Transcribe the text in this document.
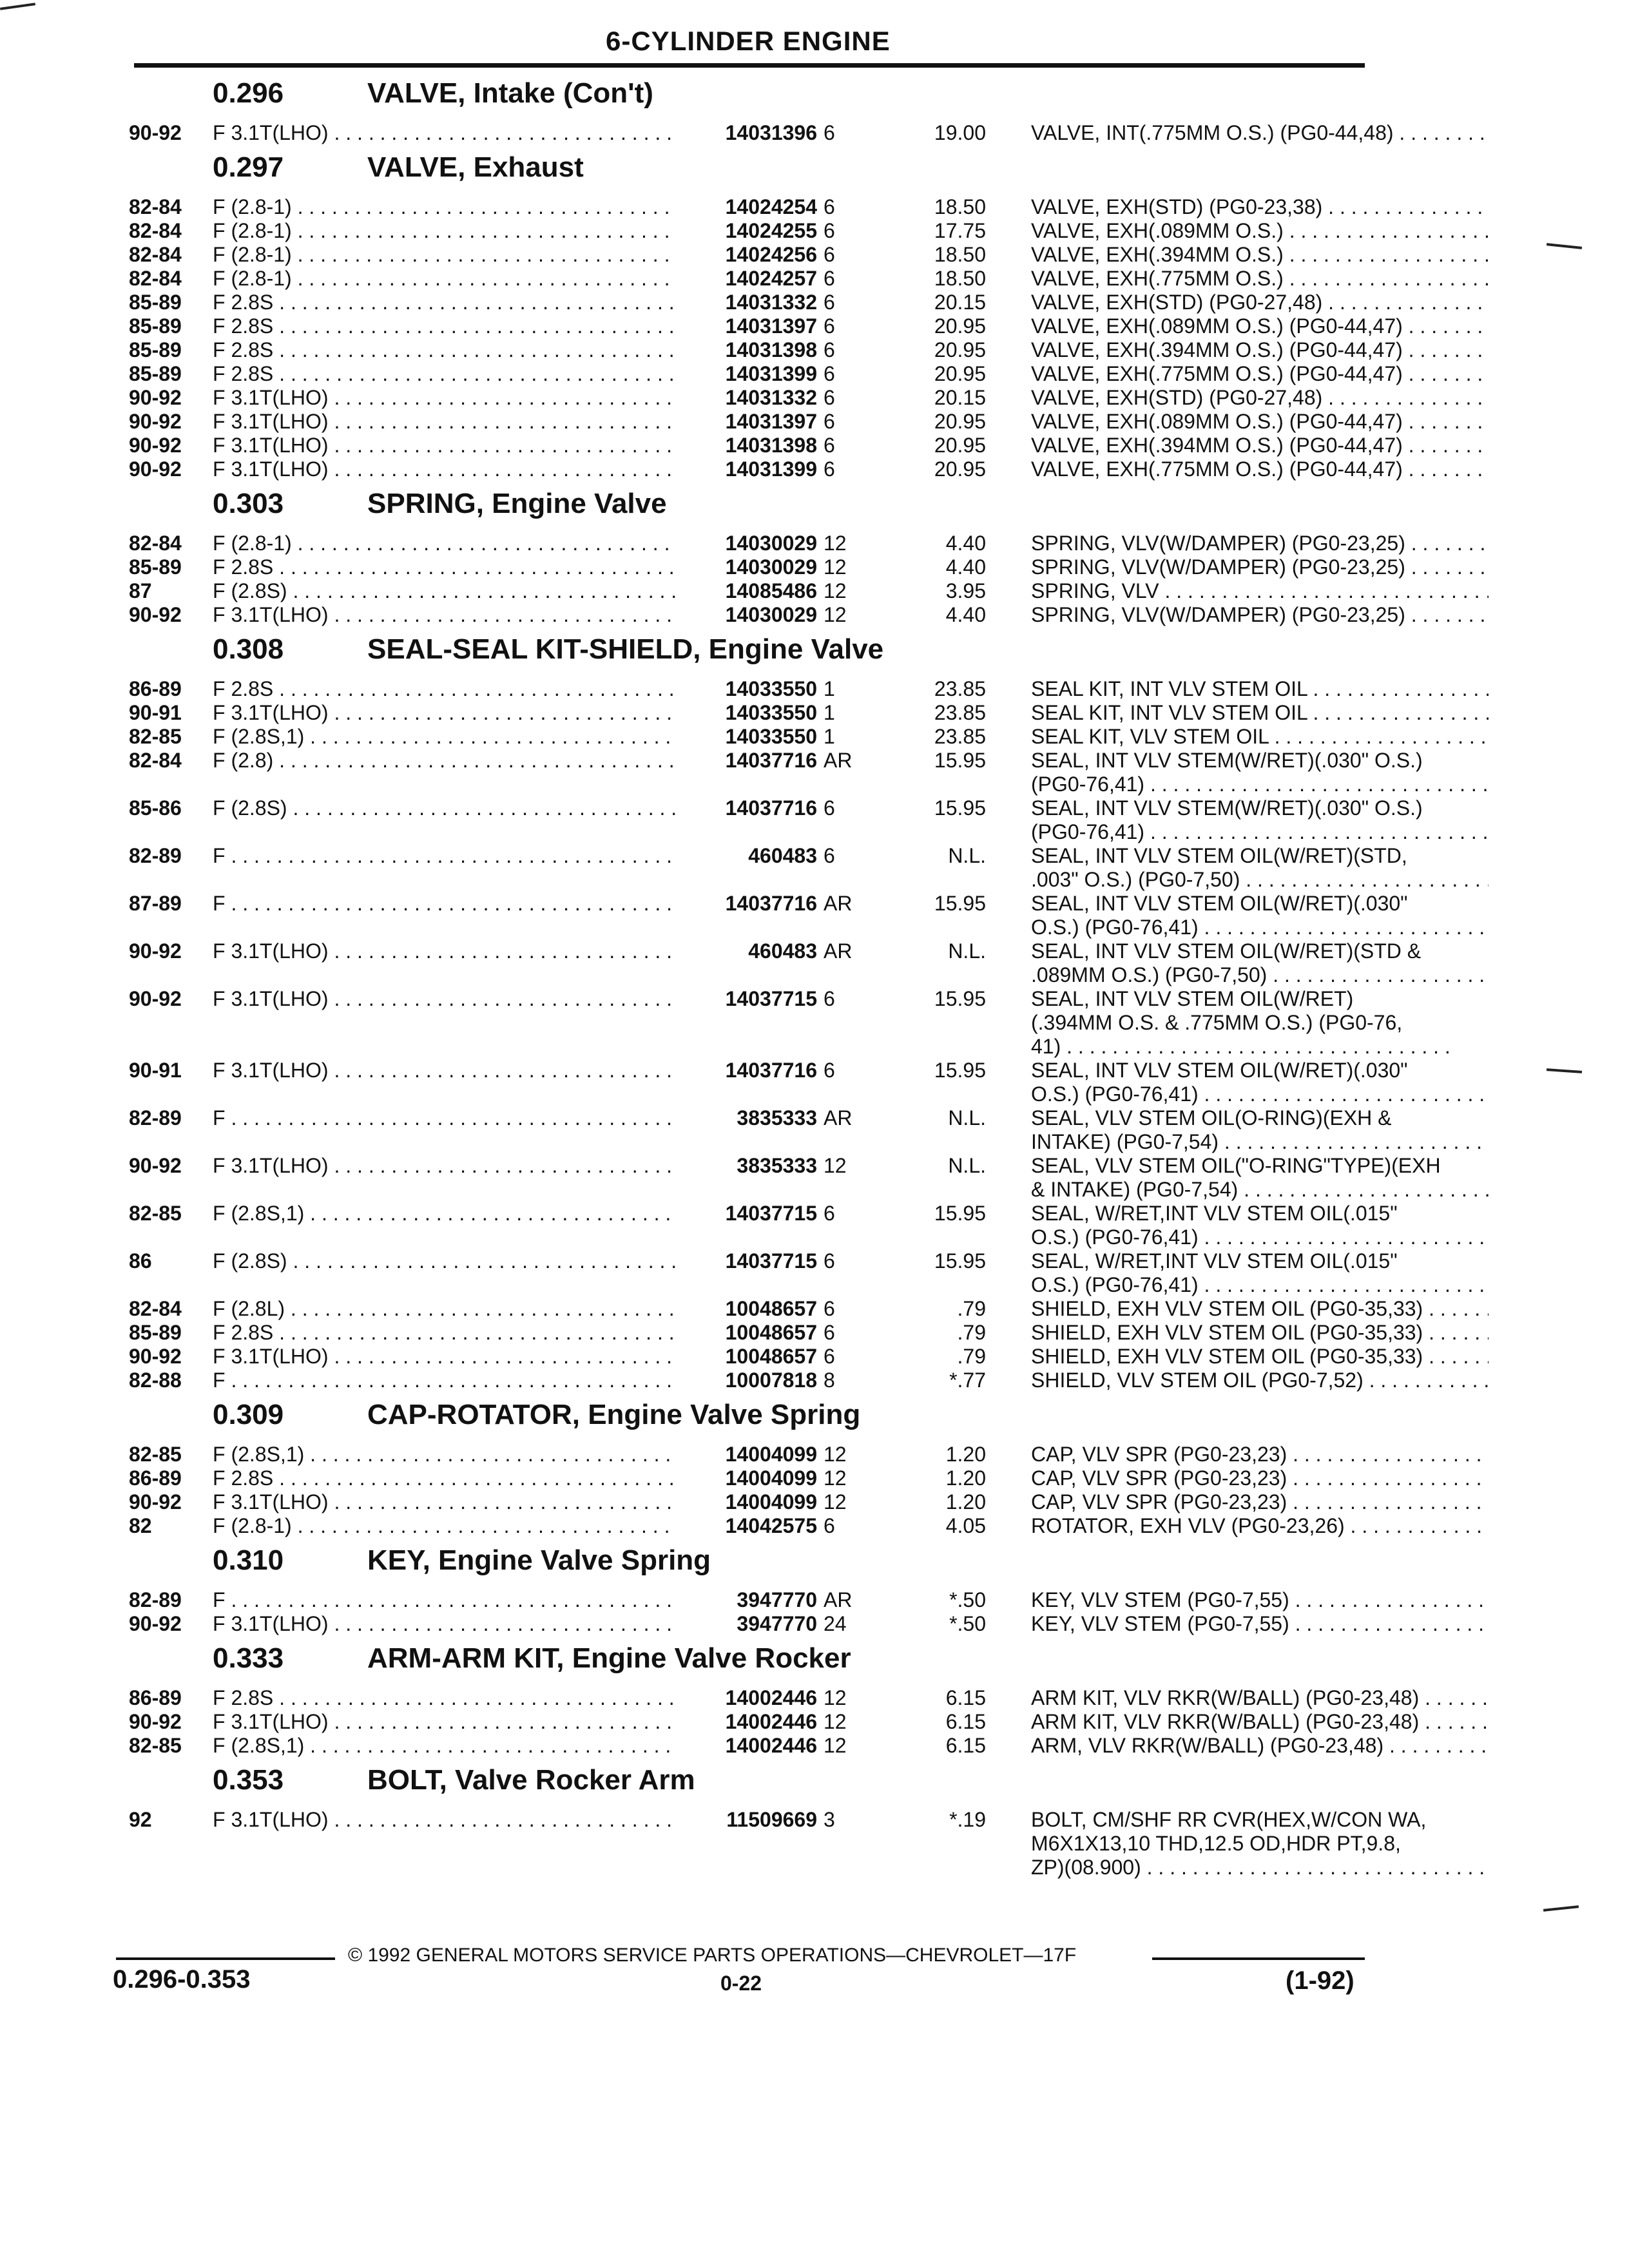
6-CYLINDER ENGINE
0.296	VALVE, Intake (Con't)
90-92 F 3.1T(LHO) . . .	14031396 6	19.00 VALVE, INT(.775MM O.S.) (PG0-44,48) . . .
0.297	VALVE, Exhaust
82-84 F (2.8-1) . . .	14024254 6	18.50 VALVE, EXH(STD) (PG0-23,38) . . .
82-84 F (2.8-1) . . .	14024255 6	17.75 VALVE, EXH(.089MM O.S.) . . .
82-84 F (2.8-1) . . .	14024256 6	18.50 VALVE, EXH(.394MM O.S.) . . .
82-84 F (2.8-1) . . .	14024257 6	18.50 VALVE, EXH(.775MM O.S.) . . .
85-89 F 2.8S . . .	14031332 6	20.15 VALVE, EXH(STD) (PG0-27,48) . . .
85-89 F 2.8S . . .	14031397 6	20.95 VALVE, EXH(.089MM O.S.) (PG0-44,47) . . .
85-89 F 2.8S . . .	14031398 6	20.95 VALVE, EXH(.394MM O.S.) (PG0-44,47) . . .
85-89 F 2.8S . . .	14031399 6	20.95 VALVE, EXH(.775MM O.S.) (PG0-44,47) . . .
90-92 F 3.1T(LHO) . . .	14031332 6	20.15 VALVE, EXH(STD) (PG0-27,48) . . .
90-92 F 3.1T(LHO) . . .	14031397 6	20.95 VALVE, EXH(.089MM O.S.) (PG0-44,47) . . .
90-92 F 3.1T(LHO) . . .	14031398 6	20.95 VALVE, EXH(.394MM O.S.) (PG0-44,47) . . .
90-92 F 3.1T(LHO) . . .	14031399 6	20.95 VALVE, EXH(.775MM O.S.) (PG0-44,47) . . .
0.303	SPRING, Engine Valve
82-84 F (2.8-1) . . .	14030029 12	4.40 SPRING, VLV(W/DAMPER) (PG0-23,25) . . .
85-89 F 2.8S . . .	14030029 12	4.40 SPRING, VLV(W/DAMPER) (PG0-23,25) . . .
87	F (2.8S) . . .	14085486 12	3.95 SPRING, VLV . . .
90-92 F 3.1T(LHO) . . .	14030029 12	4.40 SPRING, VLV(W/DAMPER) (PG0-23,25) . . .
0.308	SEAL-SEAL KIT-SHIELD, Engine Valve
86-89 F 2.8S . . .	14033550 1	23.85 SEAL KIT, INT VLV STEM OIL . . .
90-91 F 3.1T(LHO) . . .	14033550 1	23.85 SEAL KIT, INT VLV STEM OIL . . .
82-85 F (2.8S,1) . . .	14033550 1	23.85 SEAL KIT, VLV STEM OIL . . .
82-84 F (2.8) . . .	14037716 AR	15.95 SEAL, INT VLV STEM(W/RET)(.030" O.S.)
(PG0-76,41) . . .
85-86 F (2.8S) . . .	14037716 6	15.95 SEAL, INT VLV STEM(W/RET)(.030" O.S.)
(PG0-76,41) . . .
82-89 F . . .	460483 6	N.L. SEAL, INT VLV STEM OIL(W/RET)(STD,
.003" O.S.) (PG0-7,50) . . .
87-89 F . . .	14037716 AR	15.95 SEAL, INT VLV STEM OIL(W/RET)(.030"
O.S.) (PG0-76,41) . . .
90-92 F 3.1T(LHO) . . .	460483 AR	N.L. SEAL, INT VLV STEM OIL(W/RET)(STD &
.089MM O.S.) (PG0-7,50) . . .
90-92 F 3.1T(LHO) . . .	14037715 6	15.95 SEAL, INT VLV STEM OIL(W/RET)
(.394MM O.S. & .775MM O.S.) (PG0-76,
41) . . .
90-91 F 3.1T(LHO) . . .	14037716 6	15.95 SEAL, INT VLV STEM OIL(W/RET)(.030"
O.S.) (PG0-76,41) . . .
82-89 F . . .	3835333 AR	N.L. SEAL, VLV STEM OIL(O-RING)(EXH &
INTAKE) (PG0-7,54) . . .
90-92 F 3.1T(LHO) . . .	3835333 12	N.L. SEAL, VLV STEM OIL("O-RING"TYPE)(EXH
& INTAKE) (PG0-7,54) . . .
82-85 F (2.8S,1) . . .	14037715 6	15.95 SEAL, W/RET,INT VLV STEM OIL(.015"
O.S.) (PG0-76,41) . . .
86	F (2.8S) . . .	14037715 6	15.95 SEAL, W/RET,INT VLV STEM OIL(.015"
O.S.) (PG0-76,41) . . .
82-84 F (2.8L) . . .	10048657 6	.79 SHIELD, EXH VLV STEM OIL (PG0-35,33) . . .
85-89 F 2.8S . . .	10048657 6	.79 SHIELD, EXH VLV STEM OIL (PG0-35,33) . . .
90-92 F 3.1T(LHO) . . .	10048657 6	.79 SHIELD, EXH VLV STEM OIL (PG0-35,33) . . .
82-88 F . . .	10007818 8	*.77 SHIELD, VLV STEM OIL (PG0-7,52) . . .
0.309	CAP-ROTATOR, Engine Valve Spring
82-85 F (2.8S,1) . . .	14004099 12	1.20 CAP, VLV SPR (PG0-23,23) . . .
86-89 F 2.8S . . .	14004099 12	1.20 CAP, VLV SPR (PG0-23,23) . . .
90-92 F 3.1T(LHO) . . .	14004099 12	1.20 CAP, VLV SPR (PG0-23,23) . . .
82	F (2.8-1) . . .	14042575 6	4.05 ROTATOR, EXH VLV (PG0-23,26) . . .
0.310	KEY, Engine Valve Spring
82-89 F . . .	3947770 AR	*.50 KEY, VLV STEM (PG0-7,55) . . .
90-92 F 3.1T(LHO) . . .	3947770 24	*.50 KEY, VLV STEM (PG0-7,55) . . .
0.333	ARM-ARM KIT, Engine Valve Rocker
86-89 F 2.8S . . .	14002446 12	6.15 ARM KIT, VLV RKR(W/BALL) (PG0-23,48) . . .
90-92 F 3.1T(LHO) . . .	14002446 12	6.15 ARM KIT, VLV RKR(W/BALL) (PG0-23,48) . . .
82-85 F (2.8S,1) . . .	14002446 12	6.15 ARM, VLV RKR(W/BALL) (PG0-23,48) . . .
0.353	BOLT, Valve Rocker Arm
92	F 3.1T(LHO) . . .	11509669 3	*.19 BOLT, CM/SHF RR CVR(HEX,W/CON WA,
M6X1X13,10 THD,12.5 OD,HDR PT,9.8,
ZP)(08.900) . . .
© 1992 GENERAL MOTORS SERVICE PARTS OPERATIONS—CHEVROLET—17F
0.296-0.353	0-22	(1-92)
